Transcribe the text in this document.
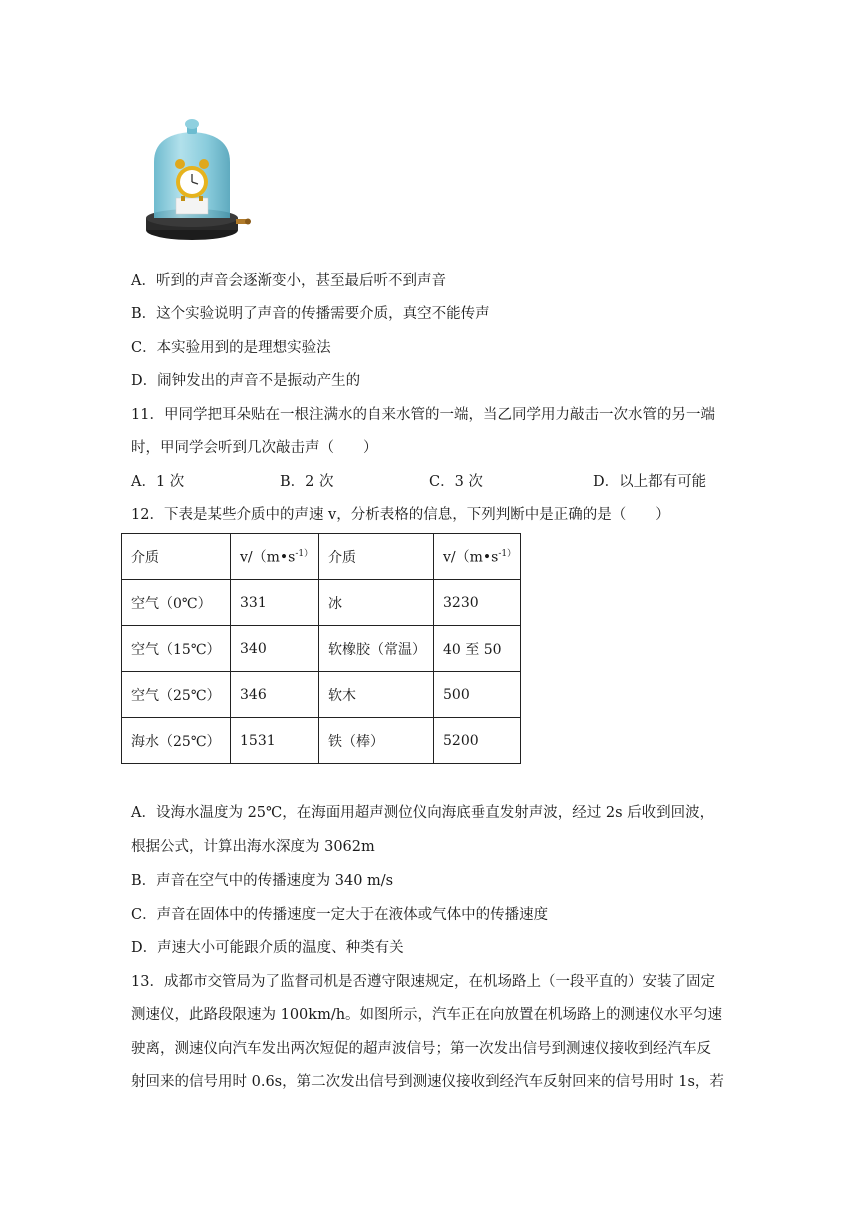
A．听到的声音会逐渐变小，甚至最后听不到声音
B．这个实验说明了声音的传播需要介质，真空不能传声
C．本实验用到的是理想实验法
D．闹钟发出的声音不是振动产生的
11．甲同学把耳朵贴在一根注满水的自来水管的一端，当乙同学用力敲击一次水管的另一端
时，甲同学会听到几次敲击声（　　）
A．1 次	B．2 次	C．3 次	D．以上都有可能
12．下表是某些介质中的声速 v，分析表格的信息，下列判断中是正确的是（　　）
介质	$v/(m•s^{-1)}$	介质	$v/(m•s^{-1)}$
空气（0℃）	331	冰	3230
空气（15℃）	340	软橡胶（常温）	40 至 50
空气（25℃）	346	软木	500
海水（25℃）	1531	铁（棒）	5200
A．设海水温度为 25℃，在海面用超声测位仪向海底垂直发射声波，经过 2s 后收到回波，
根据公式，计算出海水深度为 3062m
B．声音在空气中的传播速度为 340 m/s
C．声音在固体中的传播速度一定大于在液体或气体中的传播速度
D．声速大小可能跟介质的温度、种类有关
13．成都市交管局为了监督司机是否遵守限速规定，在机场路上（一段平直的）安装了固定
测速仪，此路段限速为 100km/h。如图所示，汽车正在向放置在机场路上的测速仪水平匀速
驶离，测速仪向汽车发出两次短促的超声波信号；第一次发出信号到测速仪接收到经汽车反
射回来的信号用时 0.6s，第二次发出信号到测速仪接收到经汽车反射回来的信号用时 1s，若
